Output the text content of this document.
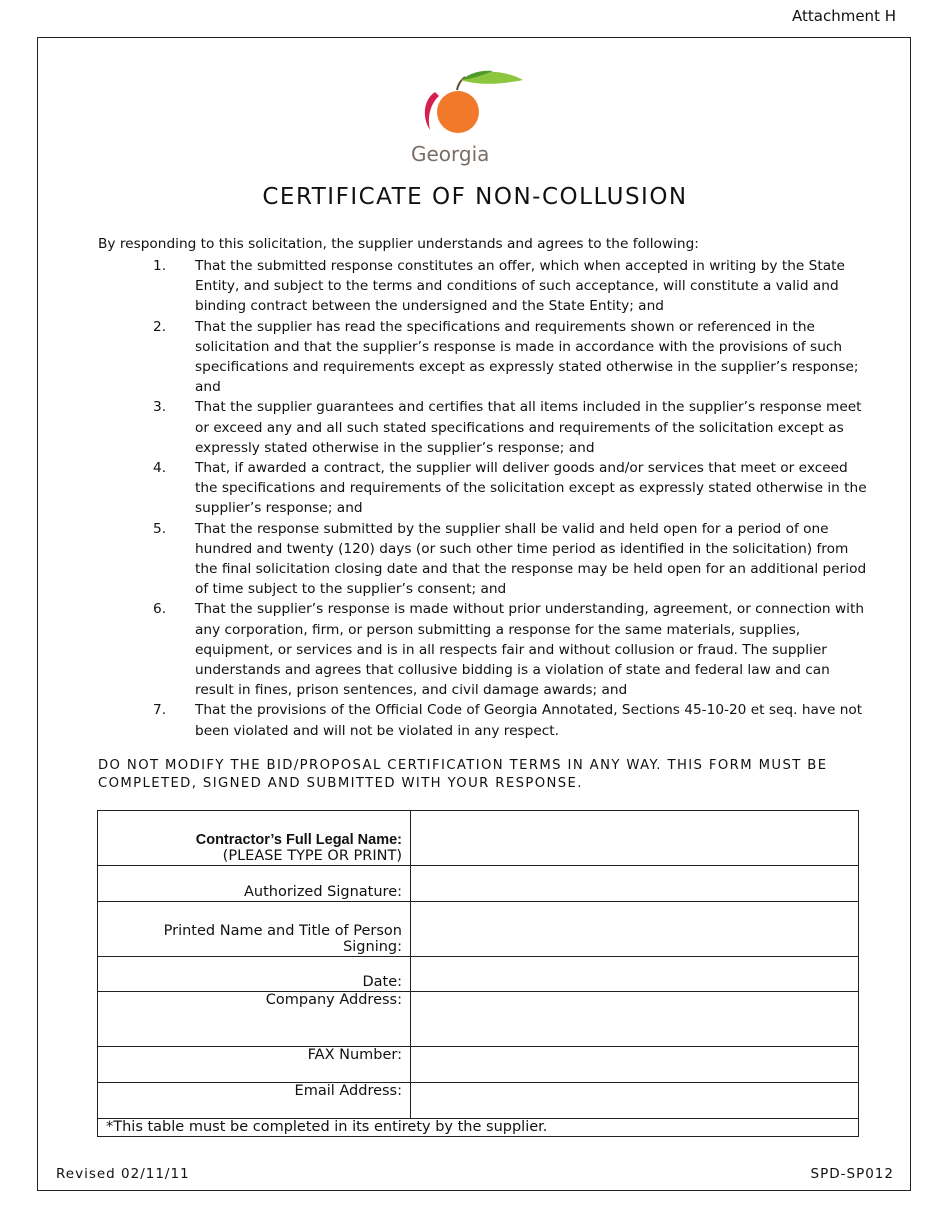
Attachment H
Georgia
CERTIFICATE OF NON-COLLUSION
By responding to this solicitation, the supplier understands and agrees to the following:
1. That the submitted response constitutes an offer, which when accepted in writing by the State Entity, and subject to the terms and conditions of such acceptance, will constitute a valid and binding contract between the undersigned and the State Entity; and
2. That the supplier has read the specifications and requirements shown or referenced in the solicitation and that the supplier’s response is made in accordance with the provisions of such specifications and requirements except as expressly stated otherwise in the supplier’s response; and
3. That the supplier guarantees and certifies that all items included in the supplier’s response meet or exceed any and all such stated specifications and requirements of the solicitation except as expressly stated otherwise in the supplier’s response; and
4. That, if awarded a contract, the supplier will deliver goods and/or services that meet or exceed the specifications and requirements of the solicitation except as expressly stated otherwise in the supplier’s response; and
5. That the response submitted by the supplier shall be valid and held open for a period of one hundred and twenty (120) days (or such other time period as identified in the solicitation) from the final solicitation closing date and that the response may be held open for an additional period of time subject to the supplier’s consent; and
6. That the supplier’s response is made without prior understanding, agreement, or connection with any corporation, firm, or person submitting a response for the same materials, supplies, equipment, or services and is in all respects fair and without collusion or fraud. The supplier understands and agrees that collusive bidding is a violation of state and federal law and can result in fines, prison sentences, and civil damage awards; and
7. That the provisions of the Official Code of Georgia Annotated, Sections 45-10-20 et seq. have not been violated and will not be violated in any respect.
DO NOT MODIFY THE BID/PROPOSAL CERTIFICATION TERMS IN ANY WAY. THIS FORM MUST BE COMPLETED, SIGNED AND SUBMITTED WITH YOUR RESPONSE.
Contractor’s Full Legal Name:
(PLEASE TYPE OR PRINT)	

Authorized Signature:	
Printed Name and Title of Person Signing:	
Date:	
Company Address:	
FAX Number:	
Email Address:	
*This table must be completed in its entirety by the supplier.	
Revised 02/11/11	SPD-SP012
